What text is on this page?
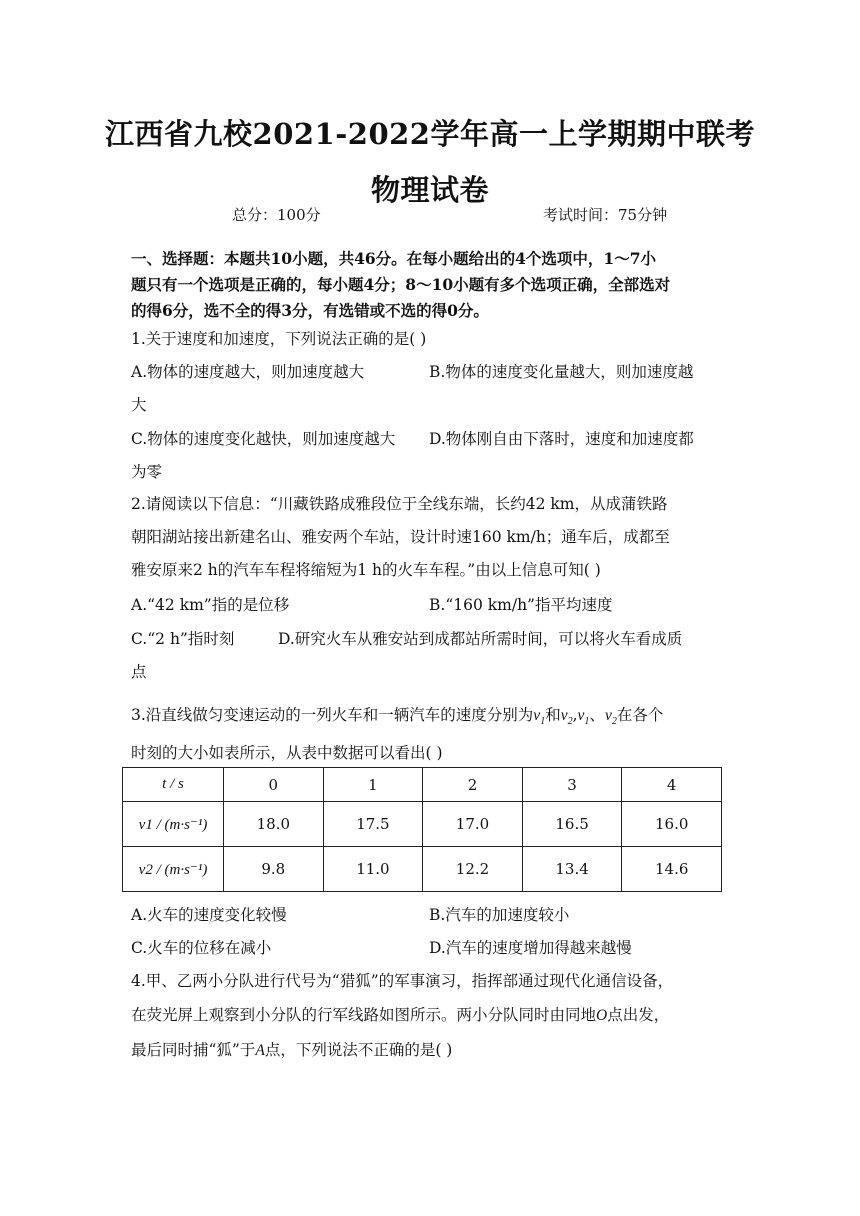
江西省九校2021-2022学年高一上学期期中联考
物理试卷
总分：100分	考试时间：75分钟
一、选择题：本题共10小题，共46分。在每小题给出的4个选项中，1～7小
题只有一个选项是正确的，每小题4分；8～10小题有多个选项正确，全部选对
的得6分，选不全的得3分，有选错或不选的得0分。
1.关于速度和加速度，下列说法正确的是( )
A.物体的速度越大，则加速度越大	B.物体的速度变化量越大，则加速度越
大
C.物体的速度变化越快，则加速度越大 D.物体刚自由下落时，速度和加速度都
为零
2.请阅读以下信息：“川藏铁路成雅段位于全线东端，长约42 km，从成蒲铁路
朝阳湖站接出新建名山、雅安两个车站，设计时速160 km/h；通车后，成都至
雅安原来2 h的汽车车程将缩短为1 h的火车车程。”由以上信息可知( )
A.“42 km”指的是位移	B.“160 km/h”指平均速度
C.“2 h”指时刻	D.研究火车从雅安站到成都站所需时间，可以将火车看成质
点
3.沿直线做匀变速运动的一列火车和一辆汽车的速度分别为$v_1$和$v_2,v_1$、$v_2$在各个
时刻的大小如表所示，从表中数据可以看出( )
t / s	0	1	2	3	4
v1 / (m·s⁻¹)	18.0	17.5	17.0	16.5	16.0
v2 / (m·s⁻¹)	9.8	11.0	12.2	13.4	14.6
A.火车的速度变化较慢	B.汽车的加速度较小
C.火车的位移在减小	D.汽车的速度增加得越来越慢
4.甲、乙两小分队进行代号为“猎狐”的军事演习，指挥部通过现代化通信设备，
在荧光屏上观察到小分队的行军线路如图所示。两小分队同时由同地O点出发，
最后同时捕“狐”于A点，下列说法不正确的是( )
